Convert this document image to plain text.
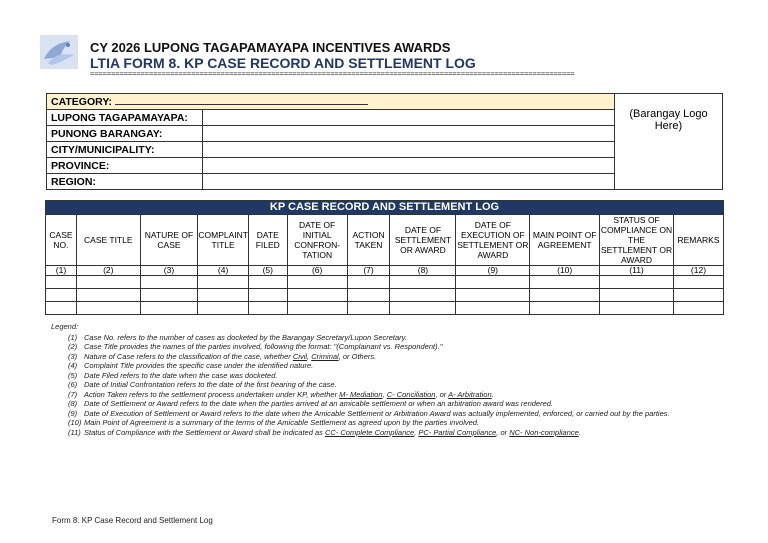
CY 2026 LUPONG TAGAPAMAYAPA INCENTIVES AWARDS
LTIA FORM 8. KP CASE RECORD AND SETTLEMENT LOG
===================================================================================================================
CATEGORY:		(Barangay Logo
Here)
LUPONG TAGAPAMAYAPA:		
PUNONG BARANGAY:		
CITY/MUNICIPALITY:		
PROVINCE:		
REGION:		
KP CASE RECORD AND SETTLEMENT LOG											
CASE NO.	CASE TITLE	NATURE OF CASE	COMPLAINT TITLE	DATE FILED	DATE OF INITIAL CONFRON-TATION	ACTION TAKEN	DATE OF SETTLEMENT OR AWARD	DATE OF EXECUTION OF SETTLEMENT OR AWARD	MAIN POINT OF AGREEMENT	STATUS OF COMPLIANCE ON THE SETTLEMENT OR AWARD	REMARKS
(1)	(2)	(3)	(4)	(5)	(6)	(7)	(8)	(9)	(10)	(11)	(12)

Legend:
(1) Case No. refers to the number of cases as docketed by the Barangay Secretary/Lupon Secretary.
(2) Case Title provides the names of the parties involved, following the format: "(Complainant vs. Respondent)."
(3) Nature of Case refers to the classification of the case, whether Civil, Criminal, or Others.
(4) Complaint Title provides the specific case under the identified nature.
(5) Date Filed refers to the date when the case was docketed.
(6) Date of Initial Confrontation refers to the date of the first hearing of the case.
(7) Action Taken refers to the settlement process undertaken under KP, whether M- Mediation, C- Conciliation, or A- Arbitration.
(8) Date of Settlement or Award refers to the date when the parties arrived at an amicable settlement or when an arbitration award was rendered.
(9) Date of Execution of Settlement or Award refers to the date when the Amicable Settlement or Arbitration Award was actually implemented, enforced, or carried out by the parties.
(10) Main Point of Agreement is a summary of the terms of the Amicable Settlement as agreed upon by the parties involved.
(11) Status of Compliance with the Settlement or Award shall be indicated as CC- Complete Compliance, PC- Partial Compliance, or NC- Non-compliance.
Form 8. KP Case Record and Settlement Log
